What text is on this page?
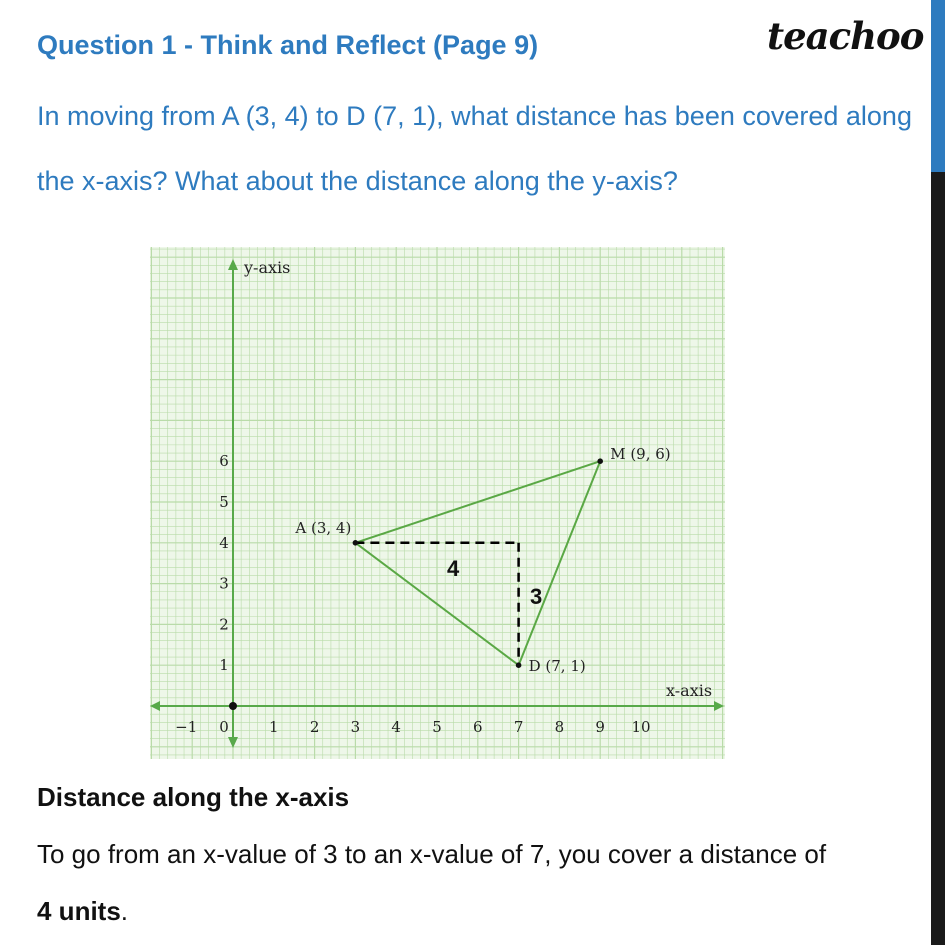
Question 1 - Think and Reflect (Page 9)	teachoo

In moving from A (3, 4) to D (7, 1), what distance has been covered along the x-axis? What about the distance along the y-axis?

y-axis
x-axis
4
3
A (3, 4)
D (7, 1)
M (9, 6)
−1 0	1 2 3 4 5 6 7 8 9 10
1
2
3
4
5
6
Distance along the x-axis

To go from an x-value of 3 to an x-value of 7, you cover a distance of
4 units.
